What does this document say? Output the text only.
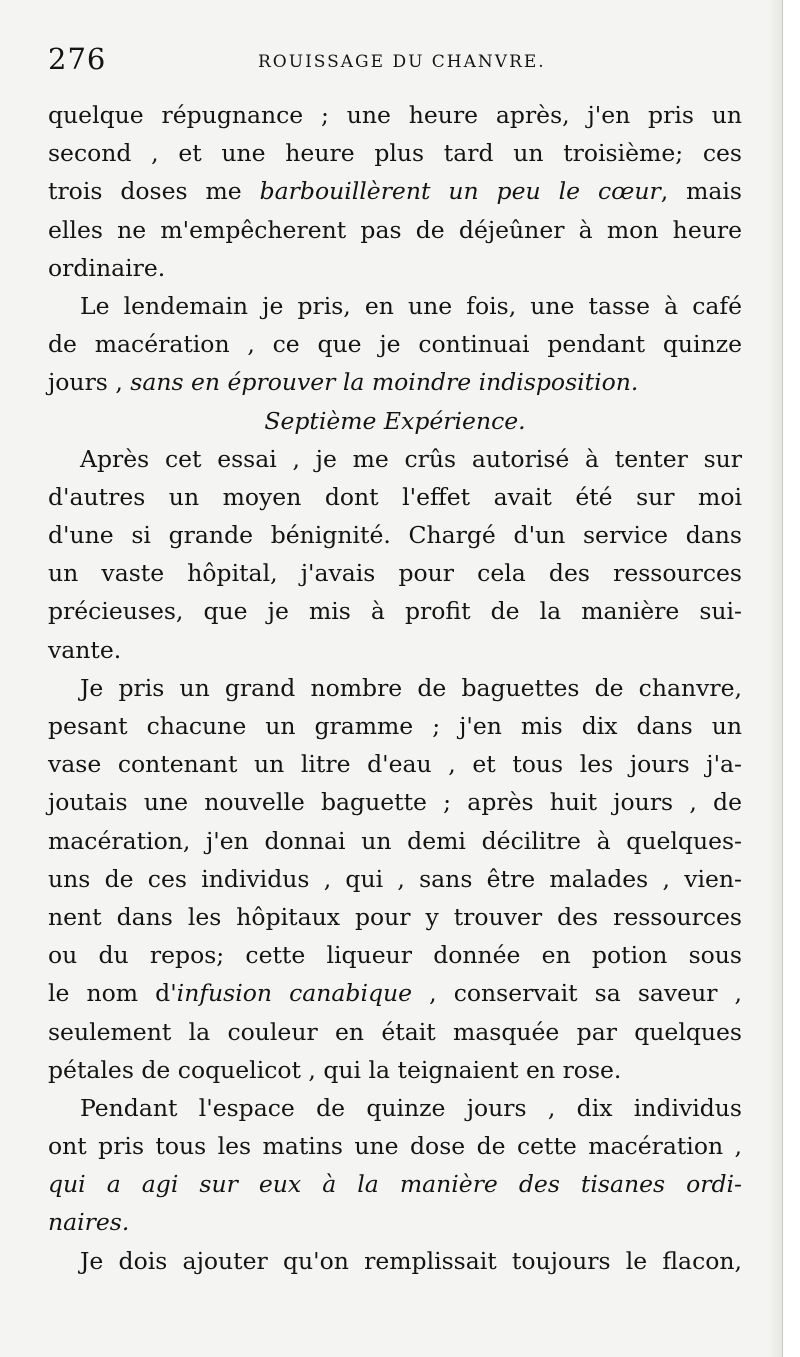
276	ROUISSAGE DU CHANVRE.
quelque répugnance ; une heure après, j'en pris un
second , et une heure plus tard un troisième; ces
trois doses me barbouillèrent un peu le cœur, mais
elles ne m'empêcherent pas de déjeûner à mon heure
ordinaire.
Le lendemain je pris, en une fois, une tasse à café
de macération , ce que je continuai pendant quinze
jours , sans en éprouver la moindre indisposition.
Septième Expérience.
Après cet essai , je me crûs autorisé à tenter sur
d'autres un moyen dont l'effet avait été sur moi
d'une si grande bénignité. Chargé d'un service dans
un vaste hôpital, j'avais pour cela des ressources
précieuses, que je mis à profit de la manière sui-
vante.
Je pris un grand nombre de baguettes de chanvre,
pesant chacune un gramme ; j'en mis dix dans un
vase contenant un litre d'eau , et tous les jours j'a-
joutais une nouvelle baguette ; après huit jours , de
macération, j'en donnai un demi décilitre à quelques-
uns de ces individus , qui , sans être malades , vien-
nent dans les hôpitaux pour y trouver des ressources
ou du repos; cette liqueur donnée en potion sous
le nom d'infusion canabique , conservait sa saveur ,
seulement la couleur en était masquée par quelques
pétales de coquelicot , qui la teignaient en rose.
Pendant l'espace de quinze jours , dix individus
ont pris tous les matins une dose de cette macération ,
qui a agi sur eux à la manière des tisanes ordi-
naires.
Je dois ajouter qu'on remplissait toujours le flacon,
